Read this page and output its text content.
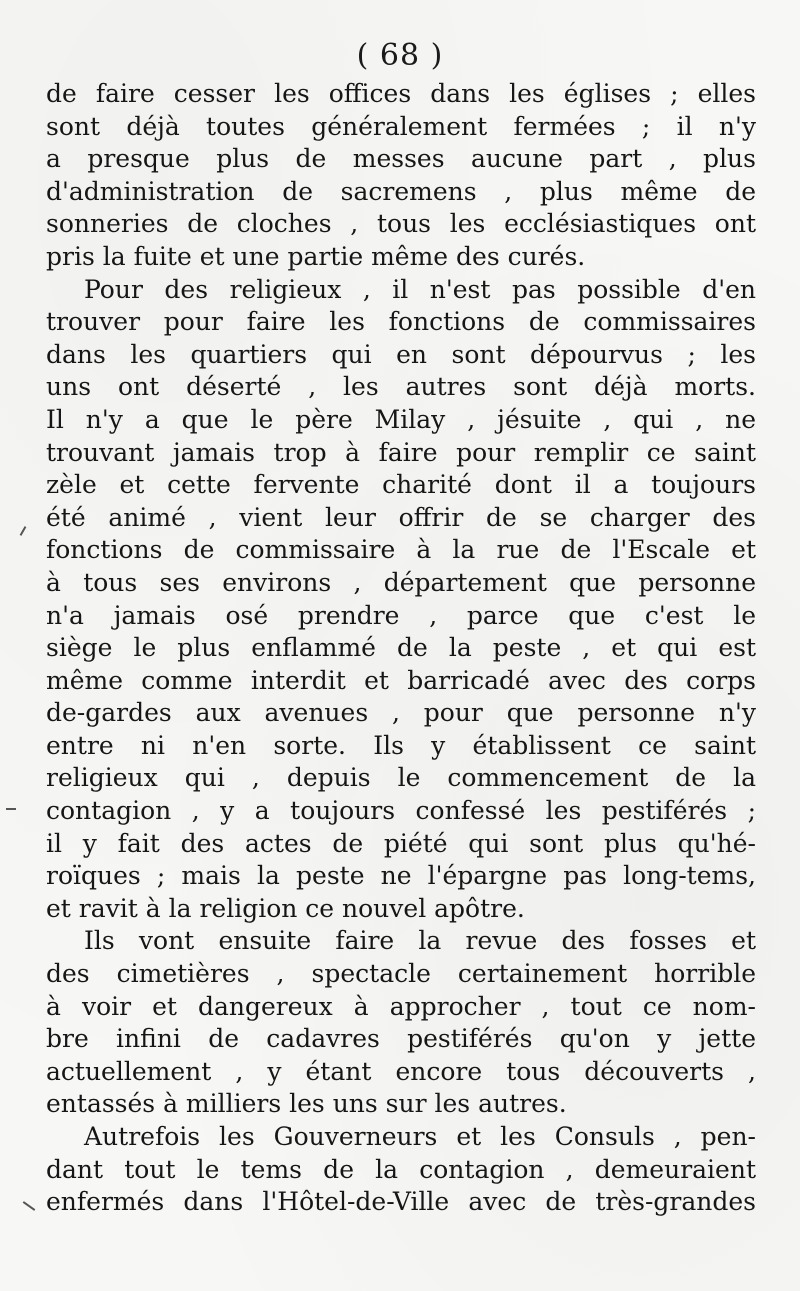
( 68 )
de faire cesser les offices dans les églises ; elles
sont déjà toutes généralement fermées ; il n'y
a presque plus de messes aucune part , plus
d'administration de sacremens , plus même de
sonneries de cloches , tous les ecclésiastiques ont
pris la fuite et une partie même des curés.
Pour des religieux , il n'est pas possible d'en
trouver pour faire les fonctions de commissaires
dans les quartiers qui en sont dépourvus ; les
uns ont déserté , les autres sont déjà morts.
Il n'y a que le père Milay , jésuite , qui , ne
trouvant jamais trop à faire pour remplir ce saint
zèle et cette fervente charité dont il a toujours
été animé , vient leur offrir de se charger des
fonctions de commissaire à la rue de l'Escale et
à tous ses environs , département que personne
n'a jamais osé prendre , parce que c'est le
siège le plus enflammé de la peste , et qui est
même comme interdit et barricadé avec des corps
de-gardes aux avenues , pour que personne n'y
entre ni n'en sorte. Ils y établissent ce saint
religieux qui , depuis le commencement de la
contagion , y a toujours confessé les pestiférés ;
il y fait des actes de piété qui sont plus qu'hé-
roïques ; mais la peste ne l'épargne pas long-tems,
et ravit à la religion ce nouvel apôtre.
Ils vont ensuite faire la revue des fosses et
des cimetières , spectacle certainement horrible
à voir et dangereux à approcher , tout ce nom-
bre infini de cadavres pestiférés qu'on y jette
actuellement , y étant encore tous découverts ,
entassés à milliers les uns sur les autres.
Autrefois les Gouverneurs et les Consuls , pen-
dant tout le tems de la contagion , demeuraient
enfermés dans l'Hôtel-de-Ville avec de très-grandes
